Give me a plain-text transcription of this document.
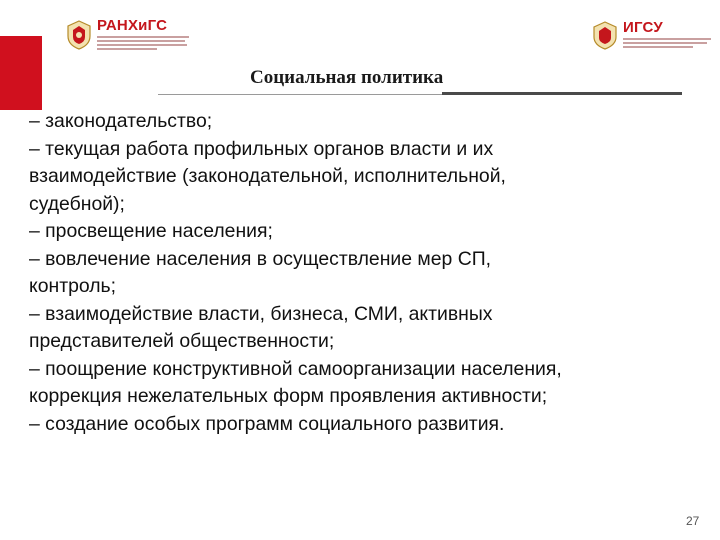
РАНХиГС	ИГСУ
Социальная политика

– законодательство;

– текущая работа профильных органов власти и их

взаимодействие (законодательной, исполнительной,

судебной);

– просвещение населения;

– вовлечение населения в осуществление мер СП,

контроль;

– взаимодействие власти, бизнеса, СМИ, активных

представителей общественности;

– поощрение конструктивной самоорганизации населения,

коррекция нежелательных форм проявления активности;

– создание особых программ социального развития.

27
